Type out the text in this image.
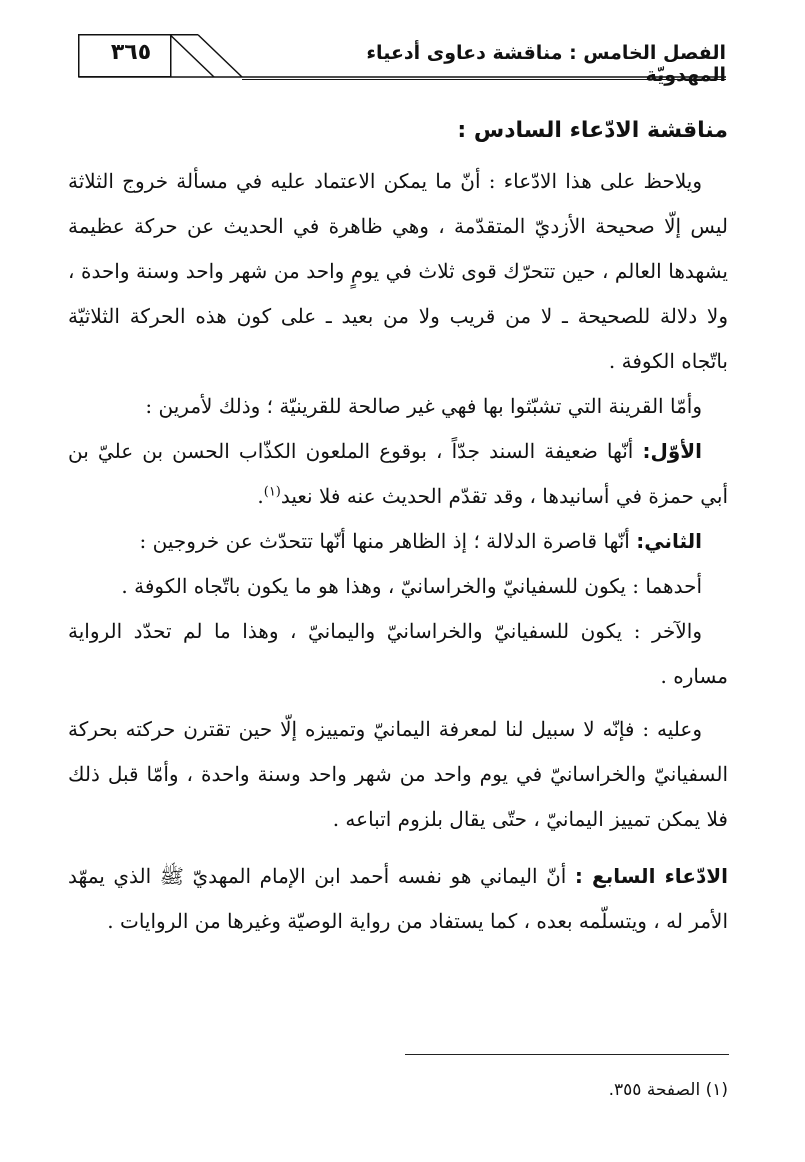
٣٦٥	الفصل الخامس : مناقشة دعاوى أدعياء المهدويّة

مناقشة الادّعاء السادس :

ويلاحظ على هذا الادّعاء : أنّ ما يمكن الاعتماد عليه في مسألة خروج الثلاثة ليس إلّا صحيحة الأزديّ المتقدّمة ، وهي ظاهرة في الحديث عن حركة عظيمة يشهدها العالم ، حين تتحرّك قوى ثلاث في يومٍ واحد من شهر واحد وسنة واحدة ، ولا دلالة للصحيحة ـ لا من قريب ولا من بعيد ـ على كون هذه الحركة الثلاثيّة باتّجاه الكوفة .

وأمّا القرينة التي تشبّثوا بها فهي غير صالحة للقرينيّة ؛ وذلك لأمرين :

الأوّل: أنّها ضعيفة السند جدّاً ، بوقوع الملعون الكذّاب الحسن بن عليّ بن أبي حمزة في أسانيدها ، وقد تقدّم الحديث عنه فلا نعيد$^{(١)}$.

الثاني: أنّها قاصرة الدلالة ؛ إذ الظاهر منها أنّها تتحدّث عن خروجين :

أحدهما : يكون للسفيانيّ والخراسانيّ ، وهذا هو ما يكون باتّجاه الكوفة .

والآخر : يكون للسفيانيّ والخراسانيّ واليمانيّ ، وهذا ما لم تحدّد الرواية مساره .

وعليه : فإنّه لا سبيل لنا لمعرفة اليمانيّ وتمييزه إلّا حين تقترن حركته بحركة السفيانيّ والخراسانيّ في يوم واحد من شهر واحد وسنة واحدة ، وأمّا قبل ذلك فلا يمكن تمييز اليمانيّ ، حتّى يقال بلزوم اتباعه .

الادّعاء السابع : أنّ اليماني هو نفسه أحمد ابن الإمام المهديّ ﷺ الذي يمهّد الأمر له ، ويتسلّمه بعده ، كما يستفاد من رواية الوصيّة وغيرها من الروايات .

(١) الصفحة ٣٥٥.
